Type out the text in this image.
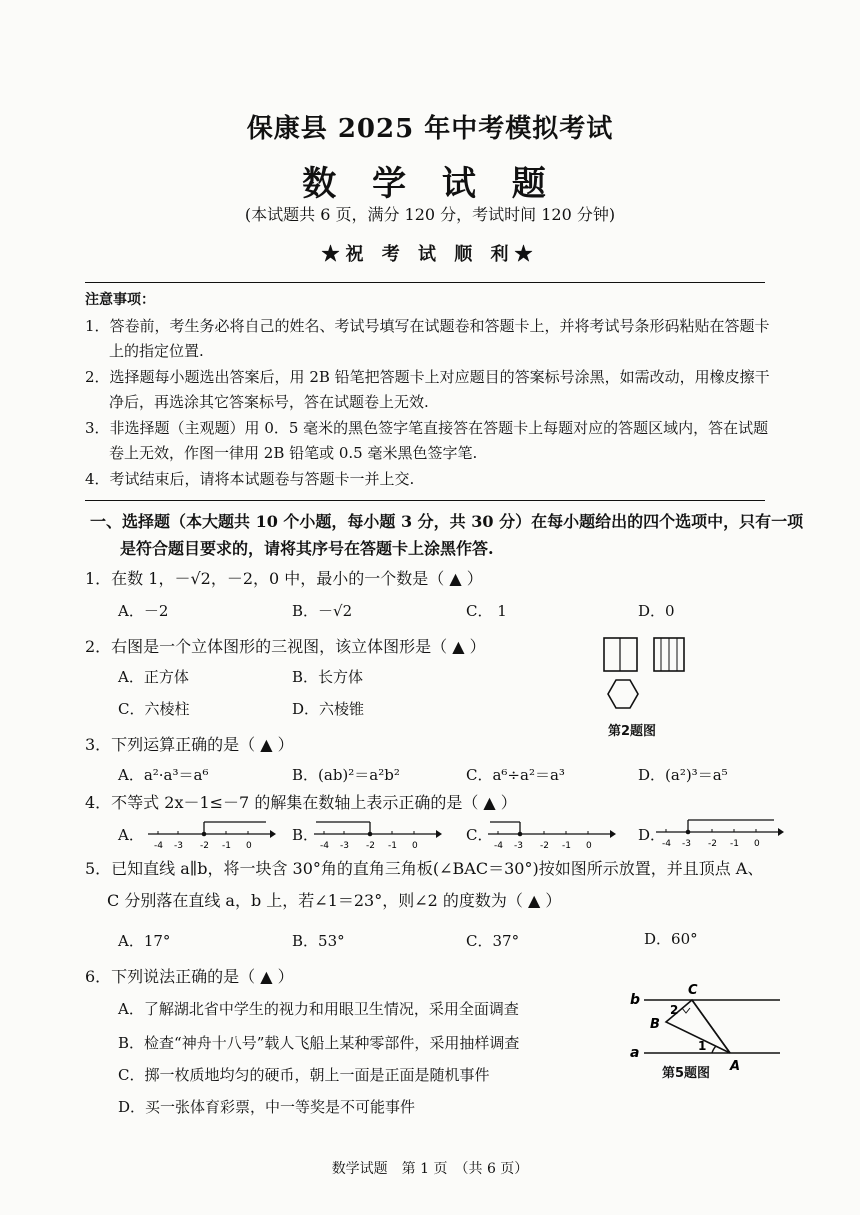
保康县 2025 年中考模拟考试
数 学 试 题
(本试题共 6 页，满分 120 分，考试时间 120 分钟)
★祝 考 试 顺 利★
注意事项：
1．答卷前，考生务必将自己的姓名、考试号填写在试题卷和答题卡上，并将考试号条形码粘贴在答题卡上的指定位置.
2．选择题每小题选出答案后，用 2B 铅笔把答题卡上对应题目的答案标号涂黑，如需改动，用橡皮擦干净后，再选涂其它答案标号，答在试题卷上无效.
3．非选择题（主观题）用 0．5 毫米的黑色签字笔直接答在答题卡上每题对应的答题区域内，答在试题卷上无效，作图一律用 2B 铅笔或 0.5 毫米黑色签字笔.
4．考试结束后，请将本试题卷与答题卡一并上交.
一、选择题（本大题共 10 个小题，每小题 3 分，共 30 分）在每小题给出的四个选项中，只有一项是符合题目要求的，请将其序号在答题卡上涂黑作答.
1．在数 1，－√2，－2，0 中，最小的一个数是（ ▲ ）
A．－2	B．－√2	C． 1	D．0
2．右图是一个立体图形的三视图，该立体图形是（ ▲ ）
A．正方体	B．长方体
C．六棱柱	D．六棱锥
第2题图
3．下列运算正确的是（ ▲ ）
A．a²·a³＝a⁶	B．(ab)²＝a²b²	C．a⁶÷a²＝a³	D．(a²)³＝a⁵
4．不等式 2x－1≤－7 的解集在数轴上表示正确的是（ ▲ ）
A．	B．	C．	D．
-4 -3 -2 -1 0	-4 -3 -2 -1 0	-4 -3 -2 -1 0	-4 -3 -2 -1 0
5．已知直线 a∥b，将一块含 30°角的直角三角板(∠BAC＝30°)按如图所示放置，并且顶点 A、
C 分别落在直线 a，b 上，若∠1＝23°，则∠2 的度数为（ ▲ ）
A．17°	B．53°	C．37°	D．60°
6．下列说法正确的是（ ▲ ）
A．了解湖北省中学生的视力和用眼卫生情况，采用全面调查
B．检查“神舟十八号”载人飞船上某种零部件，采用抽样调查
C．掷一枚质地均匀的硬币，朝上一面是正面是随机事件
D．买一张体育彩票，中一等奖是不可能事件
b
a
C
B
A
2
1
第5题图
数学试题　第 1 页　（共 6 页）
